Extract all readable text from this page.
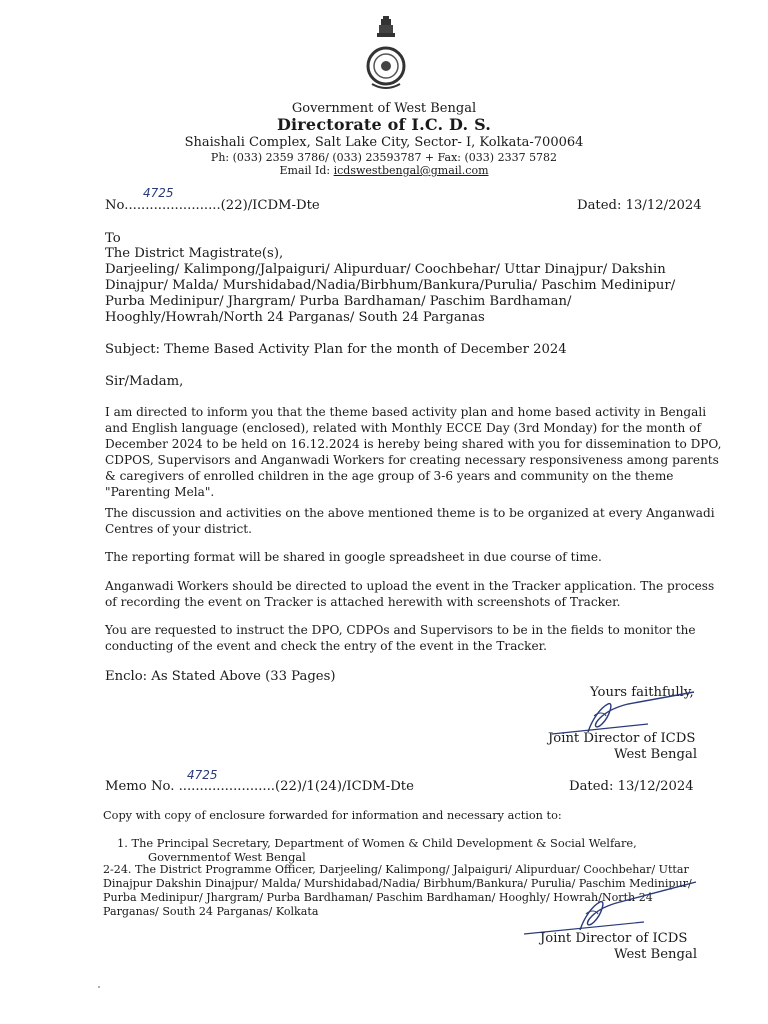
Government of West Bengal
Directorate of I.C. D. S.
Shaishali Complex, Salt Lake City, Sector- I, Kolkata-700064
Ph: (033) 2359 3786/ (033) 23593787 + Fax: (033) 2337 5782
Email Id: icdswestbengal@gmail.com
No.......................(22)/ICDM-Dte
4725
Dated: 13/12/2024
To
The District Magistrate(s),
Darjeeling/ Kalimpong/Jalpaiguri/ Alipurduar/ Coochbehar/ Uttar Dinajpur/ Dakshin
Dinajpur/ Malda/ Murshidabad/Nadia/Birbhum/Bankura/Purulia/ Paschim Medinipur/
Purba Medinipur/ Jhargram/ Purba Bardhaman/ Paschim Bardhaman/
Hooghly/Howrah/North 24 Parganas/ South 24 Parganas
Subject: Theme Based Activity Plan for the month of December 2024
Sir/Madam,
I am directed to inform you that the theme based activity plan and home based activity in Bengali
and English language (enclosed), related with Monthly ECCE Day (3rd Monday) for the month of
December 2024 to be held on 16.12.2024 is hereby being shared with you for dissemination to DPO,
CDPOS, Supervisors and Anganwadi Workers for creating necessary responsiveness among parents
& caregivers of enrolled children in the age group of 3-6 years and community on the theme
"Parenting Mela".
The discussion and activities on the above mentioned theme is to be organized at every Anganwadi
Centres of your district.
The reporting format will be shared in google spreadsheet in due course of time.
Anganwadi Workers should be directed to upload the event in the Tracker application. The process
of recording the event on Tracker is attached herewith with screenshots of Tracker.
You are requested to instruct the DPO, CDPOs and Supervisors to be in the fields to monitor the
conducting of the event and check the entry of the event in the Tracker.
Enclo: As Stated Above (33 Pages)
Yours faithfully,
Joint Director of ICDS
West Bengal
Memo No. .......................(22)/1(24)/ICDM-Dte
4725
Dated: 13/12/2024
Copy with copy of enclosure forwarded for information and necessary action to:
1. The Principal Secretary, Department of Women & Child Development & Social Welfare,
Governmentof West Bengal
2-24. The District Programme Officer, Darjeeling/ Kalimpong/ Jalpaiguri/ Alipurduar/ Coochbehar/ Uttar
Dinajpur Dakshin Dinajpur/ Malda/ Murshidabad/Nadia/ Birbhum/Bankura/ Purulia/ Paschim Medinipur/
Purba Medinipur/ Jhargram/ Purba Bardhaman/ Paschim Bardhaman/ Hooghly/ Howrah/North 24
Parganas/ South 24 Parganas/ Kolkata
Joint Director of ICDS
West Bengal
